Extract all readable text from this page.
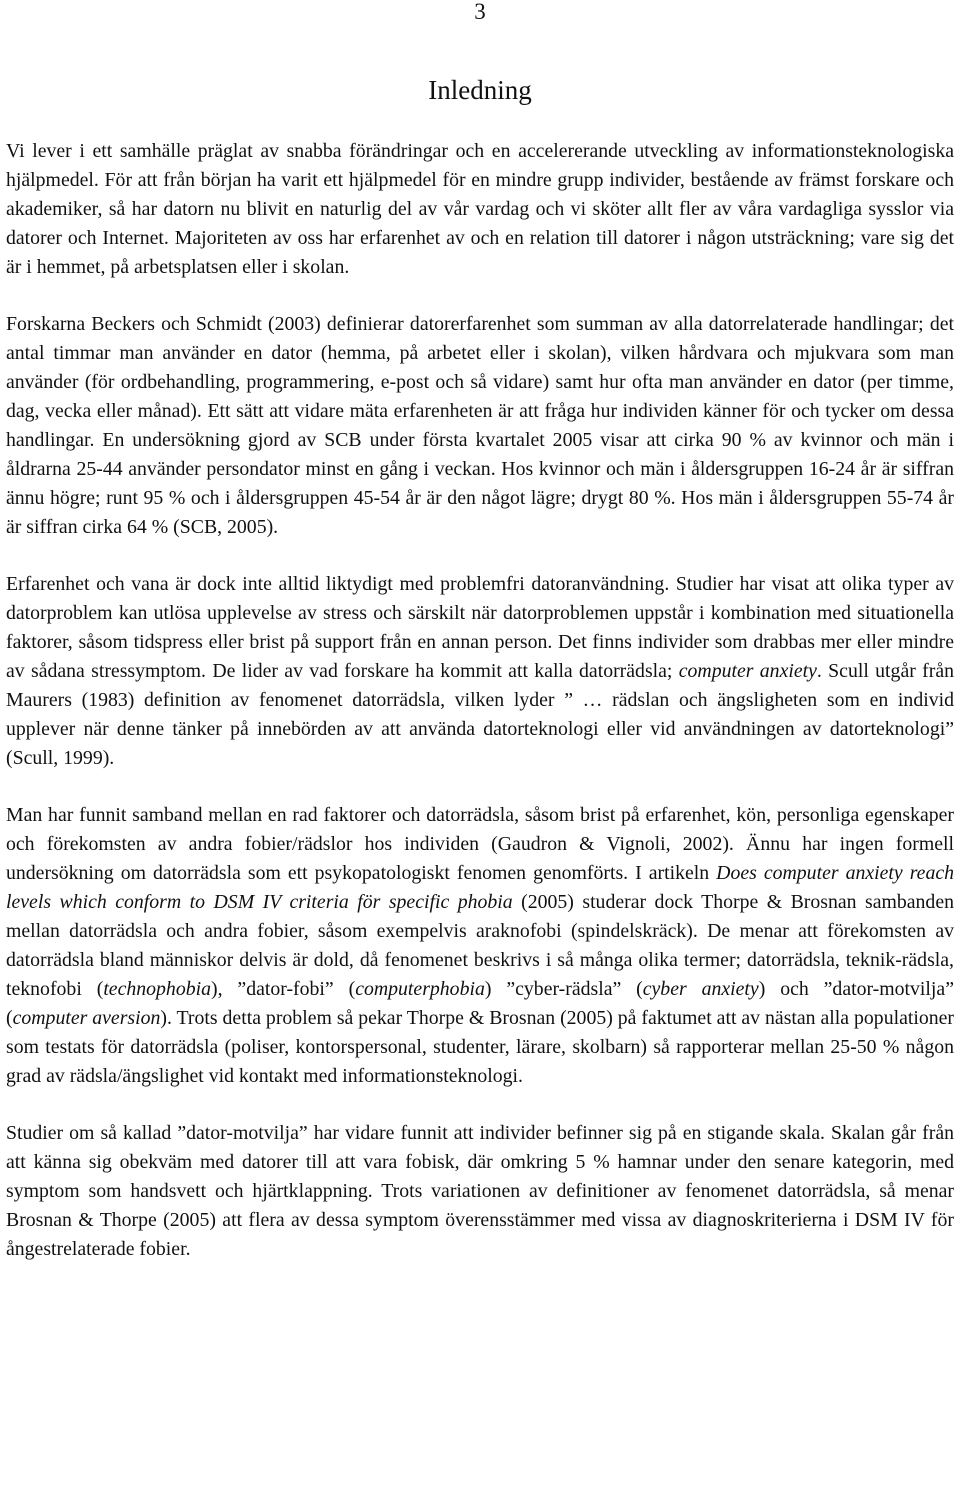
3
Inledning

Vi lever i ett samhälle präglat av snabba förändringar och en accelererande utveckling av informationsteknologiska hjälpmedel. För att från början ha varit ett hjälpmedel för en mindre grupp individer, bestående av främst forskare och akademiker, så har datorn nu blivit en naturlig del av vår vardag och vi sköter allt fler av våra vardagliga sysslor via datorer och Internet. Majoriteten av oss har erfarenhet av och en relation till datorer i någon utsträckning; vare sig det är i hemmet, på arbetsplatsen eller i skolan.

Forskarna Beckers och Schmidt (2003) definierar datorerfarenhet som summan av alla datorrelaterade handlingar; det antal timmar man använder en dator (hemma, på arbetet eller i skolan), vilken hårdvara och mjukvara som man använder (för ordbehandling, programmering, e-post och så vidare) samt hur ofta man använder en dator (per timme, dag, vecka eller månad). Ett sätt att vidare mäta erfarenheten är att fråga hur individen känner för och tycker om dessa handlingar. En undersökning gjord av SCB under första kvartalet 2005 visar att cirka 90 % av kvinnor och män i åldrarna 25-44 använder persondator minst en gång i veckan. Hos kvinnor och män i åldersgruppen 16-24 år är siffran ännu högre; runt 95 % och i åldersgruppen 45-54 år är den något lägre; drygt 80 %. Hos män i åldersgruppen 55-74 år är siffran cirka 64 % (SCB, 2005).

Erfarenhet och vana är dock inte alltid liktydigt med problemfri datoranvändning. Studier har visat att olika typer av datorproblem kan utlösa upplevelse av stress och särskilt när datorproblemen uppstår i kombination med situationella faktorer, såsom tidspress eller brist på support från en annan person. Det finns individer som drabbas mer eller mindre av sådana stressymptom. De lider av vad forskare ha kommit att kalla datorrädsla; computer anxiety. Scull utgår från Maurers (1983) definition av fenomenet datorrädsla, vilken lyder ” … rädslan och ängsligheten som en individ upplever när denne tänker på innebörden av att använda datorteknologi eller vid användningen av datorteknologi” (Scull, 1999).

Man har funnit samband mellan en rad faktorer och datorrädsla, såsom brist på erfarenhet, kön, personliga egenskaper och förekomsten av andra fobier/rädslor hos individen (Gaudron & Vignoli, 2002). Ännu har ingen formell undersökning om datorrädsla som ett psykopatologiskt fenomen genomförts. I artikeln Does computer anxiety reach levels which conform to DSM IV criteria för specific phobia (2005) studerar dock Thorpe & Brosnan sambanden mellan datorrädsla och andra fobier, såsom exempelvis araknofobi (spindelskräck). De menar att förekomsten av datorrädsla bland människor delvis är dold, då fenomenet beskrivs i så många olika termer; datorrädsla, teknik-rädsla, teknofobi (technophobia), ”dator-fobi” (computerphobia) ”cyber-rädsla” (cyber anxiety) och ”dator-motvilja” (computer aversion). Trots detta problem så pekar Thorpe & Brosnan (2005) på faktumet att av nästan alla populationer som testats för datorrädsla (poliser, kontorspersonal, studenter, lärare, skolbarn) så rapporterar mellan 25-50 % någon grad av rädsla/ängslighet vid kontakt med informationsteknologi.

Studier om så kallad ”dator-motvilja” har vidare funnit att individer befinner sig på en stigande skala. Skalan går från att känna sig obekväm med datorer till att vara fobisk, där omkring 5 % hamnar under den senare kategorin, med symptom som handsvett och hjärtklappning. Trots variationen av definitioner av fenomenet datorrädsla, så menar Brosnan & Thorpe (2005) att flera av dessa symptom överensstämmer med vissa av diagnoskriterierna i DSM IV för ångestrelaterade fobier.
